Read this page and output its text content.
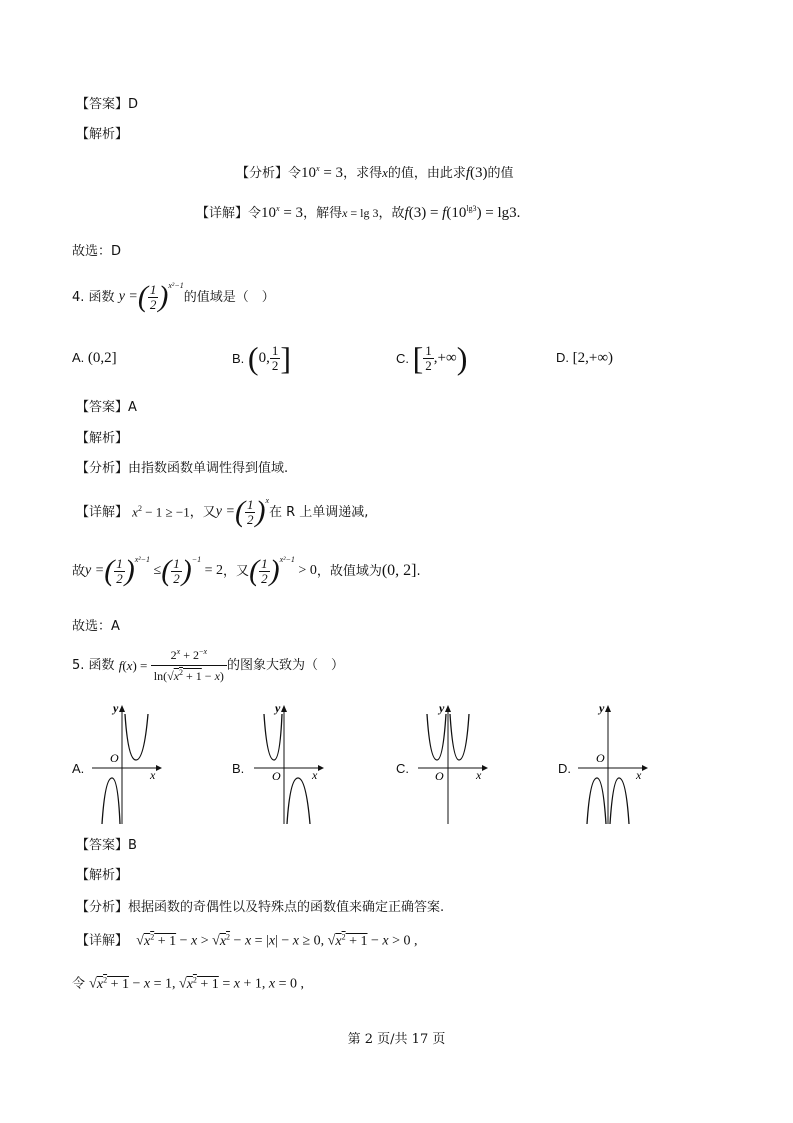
【答案】D
【解析】
【分析】令$10^x = 3$，求得x的值，由此求f(3)的值
【详解】令$10^x = 3$，解得x = lg 3，故$f(3) = f(10^{lg3}) = \lg 3$.
故选：D
4.
函数
y = ( 1
2 )$^{x^2-1}$
的值域是（　）
A. (0,2]	B.
( 0, 1
2 ]	C.
[ 1
2 ,+∞ )	D. [2,+∞)
【答案】A
【解析】
【分析】由指数函数单调性得到值域.
【详解】
$x^2 - 1 \ge -1$ ，又 y = ( 1
2 )$^x$
在 R 上单调递减,
故 y = ( 1
2 )$^{x^2-1}$
≤ ( 1
2 )$^{-1}$

= 2 ，又 ( 1
2 )$^{x^2-1}$

> 0 ，故值域为 (0, 2] .
故选：A
5.
函数
f ( x ) =
$2^x + 2^{-x}$
$\ln(√x^2 + 1 - x)$
的图象大致为（　）
A.	B.	C.	D.
x
y
O
x
y
O	x
y
O	x
y
O
【答案】B
【解析】
【分析】根据函数的奇偶性以及特殊点的函数值来确定正确答案.
【详解】 $√x^2 + 1 - x > √x^2 - x = |x| - x \ge 0$, $√x^2 + 1 - x > 0$ ,
令 $√x^2 + 1 - x = 1$, $√x^2 + 1 = x + 1$, x = 0 ,
第 2 页/共 17 页
